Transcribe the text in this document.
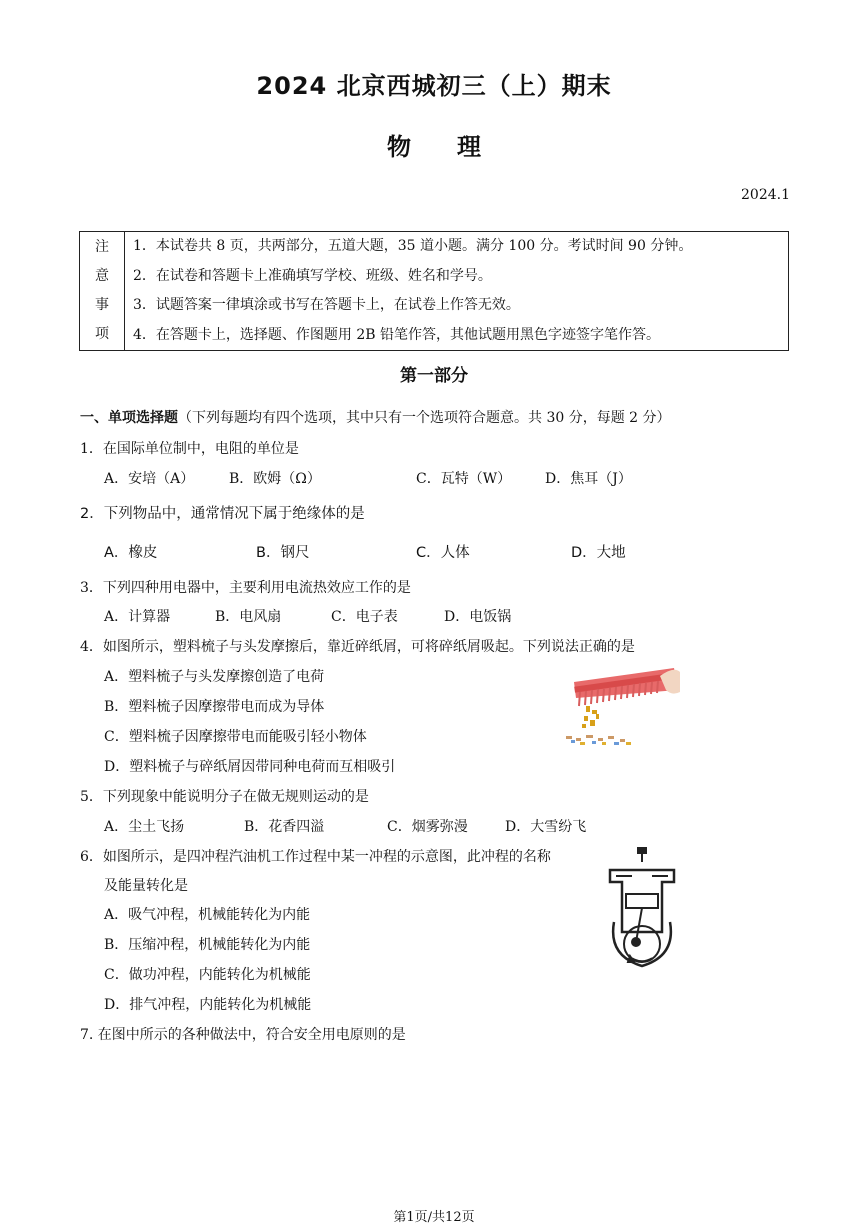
2024 北京西城初三（上）期末
物理
2024.1
注
意
事
项

1．本试卷共 8 页，共两部分，五道大题，35 道小题。满分 100 分。考试时间 90 分钟。
2．在试卷和答题卡上准确填写学校、班级、姓名和学号。
3．试题答案一律填涂或书写在答题卡上，在试卷上作答无效。
4．在答题卡上，选择题、作图题用 2B 铅笔作答，其他试题用黑色字迹签字笔作答。
第一部分
一、单项选择题（下列每题均有四个选项，其中只有一个选项符合题意。共 30 分，每题 2 分）
1．在国际单位制中，电阻的单位是
A．安培（A） B．欧姆（Ω）	C．瓦特（W） D．焦耳（J）
2．下列物品中，通常情况下属于绝缘体的是
A．橡皮	B．钢尺	C．人体	D．大地
3．下列四种用电器中，主要利用电流热效应工作的是
A．计算器	B．电风扇	C．电子表	D．电饭锅
4．如图所示，塑料梳子与头发摩擦后，靠近碎纸屑，可将碎纸屑吸起。下列说法正确的是
A．塑料梳子与头发摩擦创造了电荷
B．塑料梳子因摩擦带电而成为导体
C．塑料梳子因摩擦带电而能吸引轻小物体
D．塑料梳子与碎纸屑因带同种电荷而互相吸引
5．下列现象中能说明分子在做无规则运动的是
A．尘土飞扬	B．花香四溢	C．烟雾弥漫	D．大雪纷飞
6．如图所示，是四冲程汽油机工作过程中某一冲程的示意图，此冲程的名称
及能量转化是
A．吸气冲程，机械能转化为内能
B．压缩冲程，机械能转化为内能
C．做功冲程，内能转化为机械能
D．排气冲程，内能转化为机械能
7. 在图中所示的各种做法中，符合安全用电原则的是
第1页/共12页
